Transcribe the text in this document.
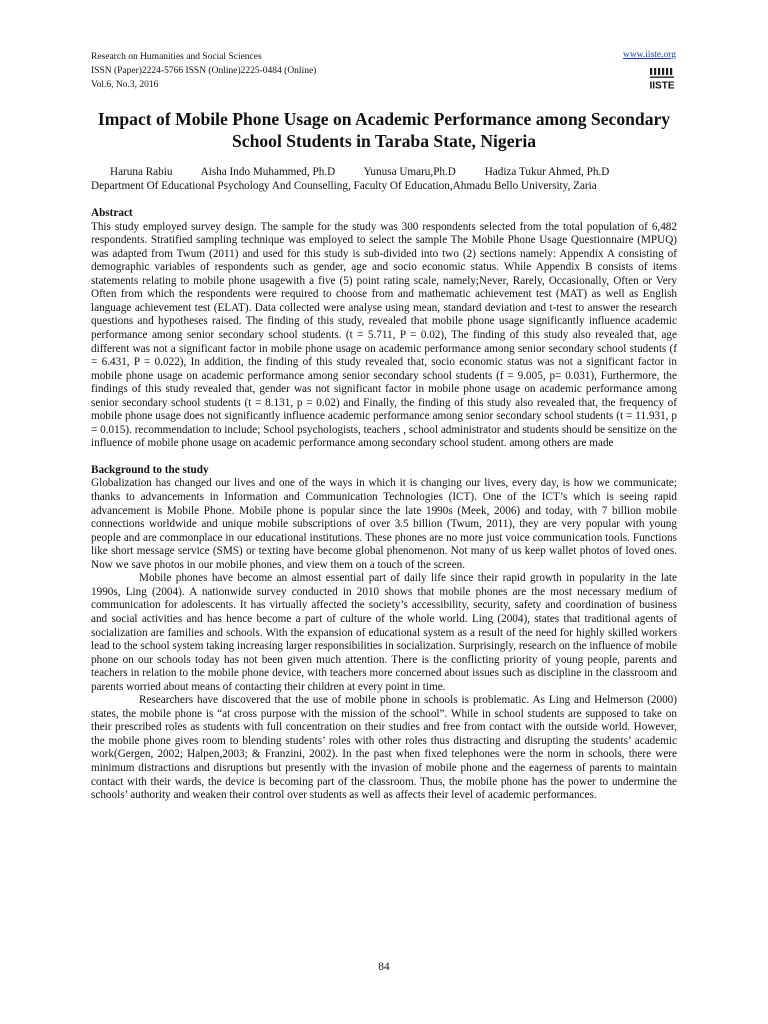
Research on Humanities and Social Sciences
ISSN (Paper)2224-5766 ISSN (Online)2225-0484 (Online)
Vol.6, No.3, 2016
www.iiste.org
IISTE
Impact of Mobile Phone Usage on Academic Performance among Secondary School Students in Taraba State, Nigeria
Haruna Rabiu	Aisha Indo Muhammed, Ph.D	Yunusa Umaru,Ph.D	Hadiza Tukur Ahmed, Ph.D
Department Of Educational Psychology And Counselling, Faculty Of Education,Ahmadu Bello University, Zaria
Abstract

This study employed survey design. The sample for the study was 300 respondents selected from the total population of 6,482 respondents. Stratified sampling technique was employed to select the sample The Mobile Phone Usage Questionnaire (MPUQ) was adapted from Twum (2011) and used for this study is sub-divided into two (2) sections namely: Appendix A consisting of demographic variables of respondents such as gender, age and socio economic status. While Appendix B consists of items statements relating to mobile phone usagewith a five (5) point rating scale, namely;Never, Rarely, Occasionally, Often or Very Often from which the respondents were required to choose from and mathematic achievement test (MAT) as well as English language achievement test (ELAT). Data collected were analyse using mean, standard deviation and t-test to answer the research questions and hypotheses raised. The finding of this study, revealed that mobile phone usage significantly influence academic performance among senior secondary school students. (t = 5.711, P = 0.02), The finding of this study also revealed that, age different was not a significant factor in mobile phone usage on academic performance among senior secondary school students (f = 6.431, P = 0.022), In addition, the finding of this study revealed that, socio economic status was not a significant factor in mobile phone usage on academic performance among senior secondary school students (f = 9.005, p= 0.031), Furthermore, the findings of this study revealed that, gender was not significant factor in mobile phone usage on academic performance among senior secondary school students (t = 8.131, p = 0.02) and Finally, the finding of this study also revealed that, the frequency of mobile phone usage does not significantly influence academic performance among senior secondary school students (t = 11.931, p = 0.015). recommendation to include; School psychologists, teachers , school administrator and students should be sensitize on the influence of mobile phone usage on academic performance among secondary school student. among others are made

Background to the study

Globalization has changed our lives and one of the ways in which it is changing our lives, every day, is how we communicate; thanks to advancements in Information and Communication Technologies (ICT). One of the ICT’s which is seeing rapid advancement is Mobile Phone. Mobile phone is popular since the late 1990s (Meek, 2006) and today, with 7 billion mobile connections worldwide and unique mobile subscriptions of over 3.5 billion (Twum, 2011), they are very popular with young people and are commonplace in our educational institutions. These phones are no more just voice communication tools. Functions like short message service (SMS) or texting have become global phenomenon. Not many of us keep wallet photos of loved ones. Now we save photos in our mobile phones, and view them on a touch of the screen.

Mobile phones have become an almost essential part of daily life since their rapid growth in popularity in the late 1990s, Ling (2004). A nationwide survey conducted in 2010 shows that mobile phones are the most necessary medium of communication for adolescents. It has virtually affected the society’s accessibility, security, safety and coordination of business and social activities and has hence become a part of culture of the whole world. Ling (2004), states that traditional agents of socialization are families and schools. With the expansion of educational system as a result of the need for highly skilled workers lead to the school system taking increasing larger responsibilities in socialization. Surprisingly, research on the influence of mobile phone on our schools today has not been given much attention. There is the conflicting priority of young people, parents and teachers in relation to the mobile phone device, with teachers more concerned about issues such as discipline in the classroom and parents worried about means of contacting their children at every point in time.

Researchers have discovered that the use of mobile phone in schools is problematic. As Ling and Helmerson (2000) states, the mobile phone is “at cross purpose with the mission of the school”. While in school students are supposed to take on their prescribed roles as students with full concentration on their studies and free from contact with the outside world. However, the mobile phone gives room to blending students’ roles with other roles thus distracting and disrupting the students’ academic work(Gergen, 2002; Halpen,2003; & Franzini, 2002). In the past when fixed telephones were the norm in schools, there were minimum distractions and disruptions but presently with the invasion of mobile phone and the eagerness of parents to maintain contact with their wards, the device is becoming part of the classroom. Thus, the mobile phone has the power to undermine the schools’ authority and weaken their control over students as well as affects their level of academic performances.

84
